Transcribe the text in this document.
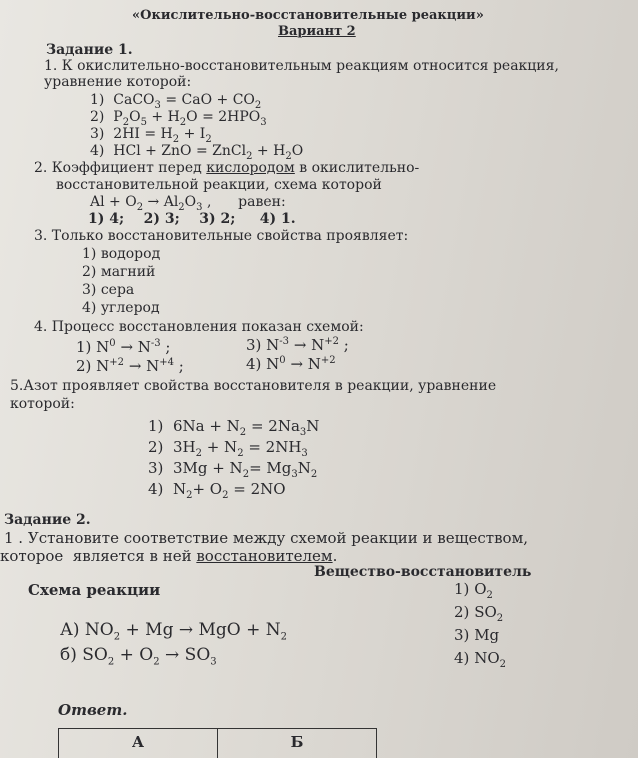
«Окислительно-восстановительные реакции»
Вариант 2
Задание 1.
1. К окислительно-восстановительным реакциям относится реакция,
уравнение которой:
1) CaCO$_3$ = CaO + $CO_2$
2) $P_2O_5 + H_2O = 2HPO_3$
3) $2HI = H_2 + I_2$
4) HCl + ZnO = ZnCl$_2$ + $H_2O$
2. Коэффициент перед кислородом в окислительно-
восстановительной реакции, схема которой
$Al + O_2 \to Al_2O_3$ ,      равен:
1) 4;    2) 3;    3) 2;     4) 1.
3. Только восстановительные свойства проявляет:
1) водород
2) магний
3) сера
4) углерод
4. Процесс восстановления показан схемой:
1) $N^0 \to N^{-3}$ ;
2) $N^{+2} \to N^{+4}$ ;
3) $N^{-3} \to N^{+2}$ ;
4) $N^0 \to N^{+2}$
5.Азот проявляет свойства восстановителя в реакции, уравнение
которой:
1) $6Na + N_2 = 2Na_3N$
2) $3H_2 + N_2 = 2NH_3$
3) $3Mg + N_2= Mg_3N_2$
4) $N_2+ O_2 = 2NO$
Задание 2.
1 . Установите соответствие между схемой реакции и веществом,
которое  является в ней восстановителем.
Схема реакции
Вещество-восстановитель
1) $O_2$
2) $SO_2$
3) Mg
4) $NO_2$
А) $NO_2 + Mg$ → MgO + $N_2$
б) $SO_2 + O_2 \to SO_3$
Ответ.
А	Б
